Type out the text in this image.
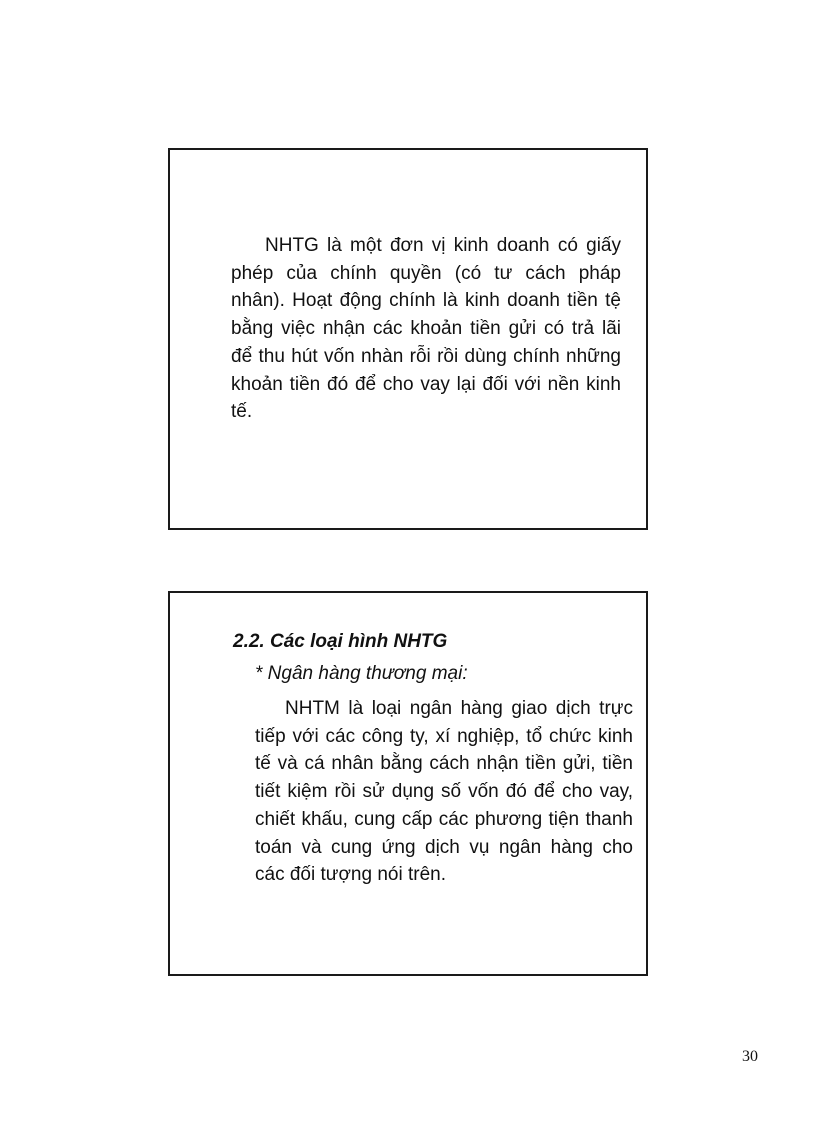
NHTG là một đơn vị kinh doanh có giấy phép của chính quyền (có tư cách pháp nhân). Hoạt động chính là kinh doanh tiền tệ bằng việc nhận các khoản tiền gửi có trả lãi để thu hút vốn nhàn rỗi rồi dùng chính những khoản tiền đó để cho vay lại đối với nền kinh tế.

2.2. Các loại hình NHTG

* Ngân hàng thương mại:

NHTM là loại ngân hàng giao dịch trực tiếp với các công ty, xí nghiệp, tổ chức kinh tế và cá nhân bằng cách nhận tiền gửi, tiền tiết kiệm rồi sử dụng số vốn đó để cho vay, chiết khấu, cung cấp các phương tiện thanh toán và cung ứng dịch vụ ngân hàng cho các đối tượng nói trên.

30
